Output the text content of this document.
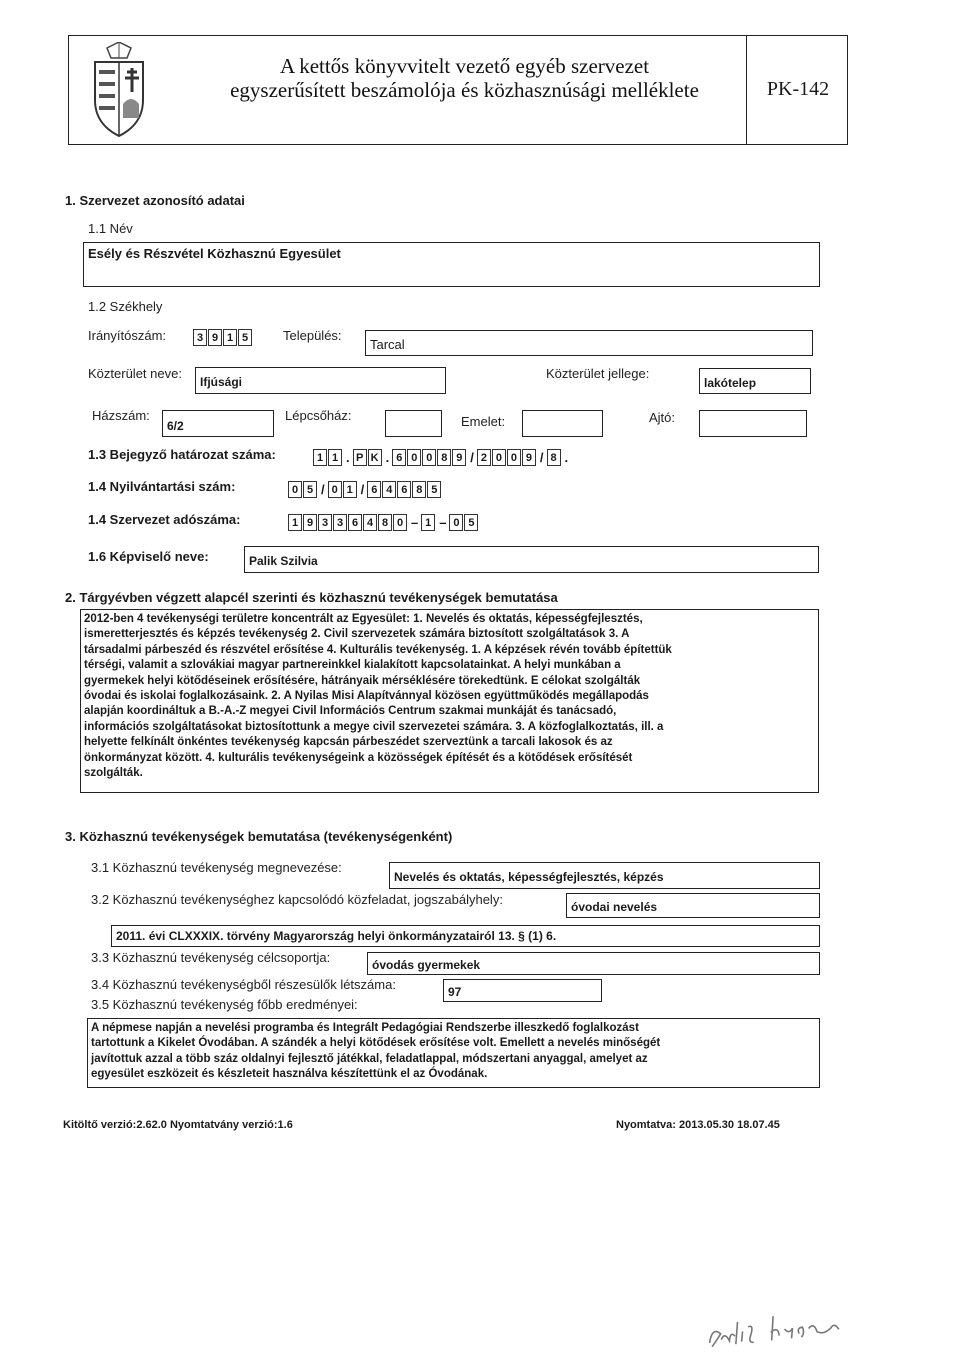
A kettős könyvvitelt vezető egyéb szervezet
egyszerűsített beszámolója és közhasznúsági melléklete	PK-142
1. Szervezet azonosító adatai
1.1 Név
Esély és Részvétel Közhasznú Egyesület
1.2 Székhely
Irányítószám:	3 9 1 5	Település:
Tarcal
Közterület neve:
Ifjúsági
Közterület jellege:
lakótelep
Házszám:
6/2
Lépcsőház:	Emelet:	Ajtó:
1.3 Bejegyző határozat száma:	1 1 . P K . 6 0 0 8 9 / 2 0 0 9 / 8 .
1.4 Nyilvántartási szám:	0 5 / 0 1 / 6 4 6 8 5
1.4 Szervezet adószáma:	1 9 3 3 6 4 8 0 – 1 – 0 5
1.6 Képviselő neve:	Palik Szilvia
2. Tárgyévben végzett alapcél szerinti és közhasznú tevékenységek bemutatása

2012-ben 4 tevékenységi területre koncentrált az Egyesület: 1. Nevelés és oktatás, képességfejlesztés,

ismeretterjesztés és képzés tevékenység 2. Civil szervezetek számára biztosított szolgáltatások 3. A

társadalmi párbeszéd és részvétel erősítése 4. Kulturális tevékenység. 1. A képzések révén tovább építettük

térségi, valamit a szlovákiai magyar partnereinkkel kialakított kapcsolatainkat. A helyi munkában a

gyermekek helyi kötődéseinek erősítésére, hátrányaik mérséklésére törekedtünk. E célokat szolgálták

óvodai és iskolai foglalkozásaink. 2. A Nyilas Misi Alapítvánnyal közösen együttműködés megállapodás

alapján koordináltuk a B.-A.-Z megyei Civil Információs Centrum szakmai munkáját és tanácsadó,

információs szolgáltatásokat biztosítottunk a megye civil szervezetei számára. 3. A közfoglalkoztatás, ill. a

helyette felkínált önkéntes tevékenység kapcsán párbeszédet szerveztünk a tarcali lakosok és az

önkormányzat között. 4. kulturális tevékenységeink a közösségek építését és a kötődések erősítését

szolgálták.

3. Közhasznú tevékenységek bemutatása (tevékenységenként)
3.1 Közhasznú tevékenység megnevezése:
Nevelés és oktatás, képességfejlesztés, képzés
3.2 Közhasznú tevékenységhez kapcsolódó közfeladat, jogszabályhely:	óvodai nevelés
2011. évi CLXXXIX. törvény Magyarország helyi önkormányzatairól 13. § (1) 6.
3.3 Közhasznú tevékenység célcsoportja:	óvodás gyermekek
3.4 Közhasznú tevékenységből részesülők létszáma:	97
3.5 Közhasznú tevékenység főbb eredményei:

A népmese napján a nevelési programba és Integrált Pedagógiai Rendszerbe illeszkedő foglalkozást

tartottunk a Kikelet Óvodában. A szándék a helyi kötődések erősítése volt. Emellett a nevelés minőségét

javítottuk azzal a több száz oldalnyi fejlesztő játékkal, feladatlappal, módszertani anyaggal, amelyet az

egyesület eszközeit és készleteit használva készítettünk el az Óvodának.

Kitöltő verzió:2.62.0 Nyomtatvány verzió:1.6	Nyomtatva: 2013.05.30 18.07.45
